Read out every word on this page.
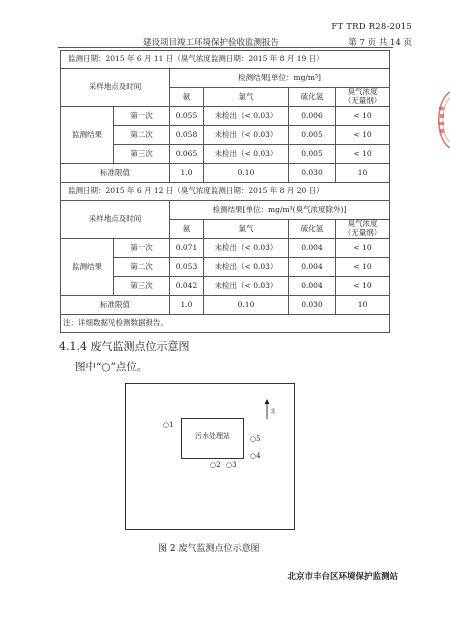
FT TRD R28-2015
建设项目竣工环境保护验收监测报告	第 7 页 共 14 页
监测日期：2015 年 6 月 11 日（臭气浓度监测日期：2015 年 8 月 19 日）					
采样地点及时间		检测结果[单位：mg/m³]			
		氨	氯气	硫化氢	臭气浓度
（无量纲）
监测结果	第一次	0.055	未检出（< 0.03）	0.006	< 10
	第二次	0.058	未检出（< 0.03）	0.005	< 10
	第三次	0.065	未检出（< 0.03）	0.005	< 10
标准限值		1.0	0.10	0.030	10
监测日期：2015 年 6 月 12 日（臭气浓度监测日期：2015 年 8 月 20 日）					
采样地点及时间		检测结果[单位：mg/m³(臭气浓度除外)]			
		氨	氯气	硫化氢	臭气浓度
（无量纲）
监测结果	第一次	0.071	未检出（< 0.03）	0.004	< 10
	第二次	0.053	未检出（< 0.03）	0.004	< 10
	第三次	0.042	未检出（< 0.03）	0.004	< 10
标准限值		1.0	0.10	0.030	10
注：详细数据见检测数据报告。					
4.1.4 废气监测点位示意图
图中“○”点位。
北
污水处理站
○1
○2 ○3
○4
○5
图 2 废气监测点位示意图
北京市丰台区环境保护监测站
